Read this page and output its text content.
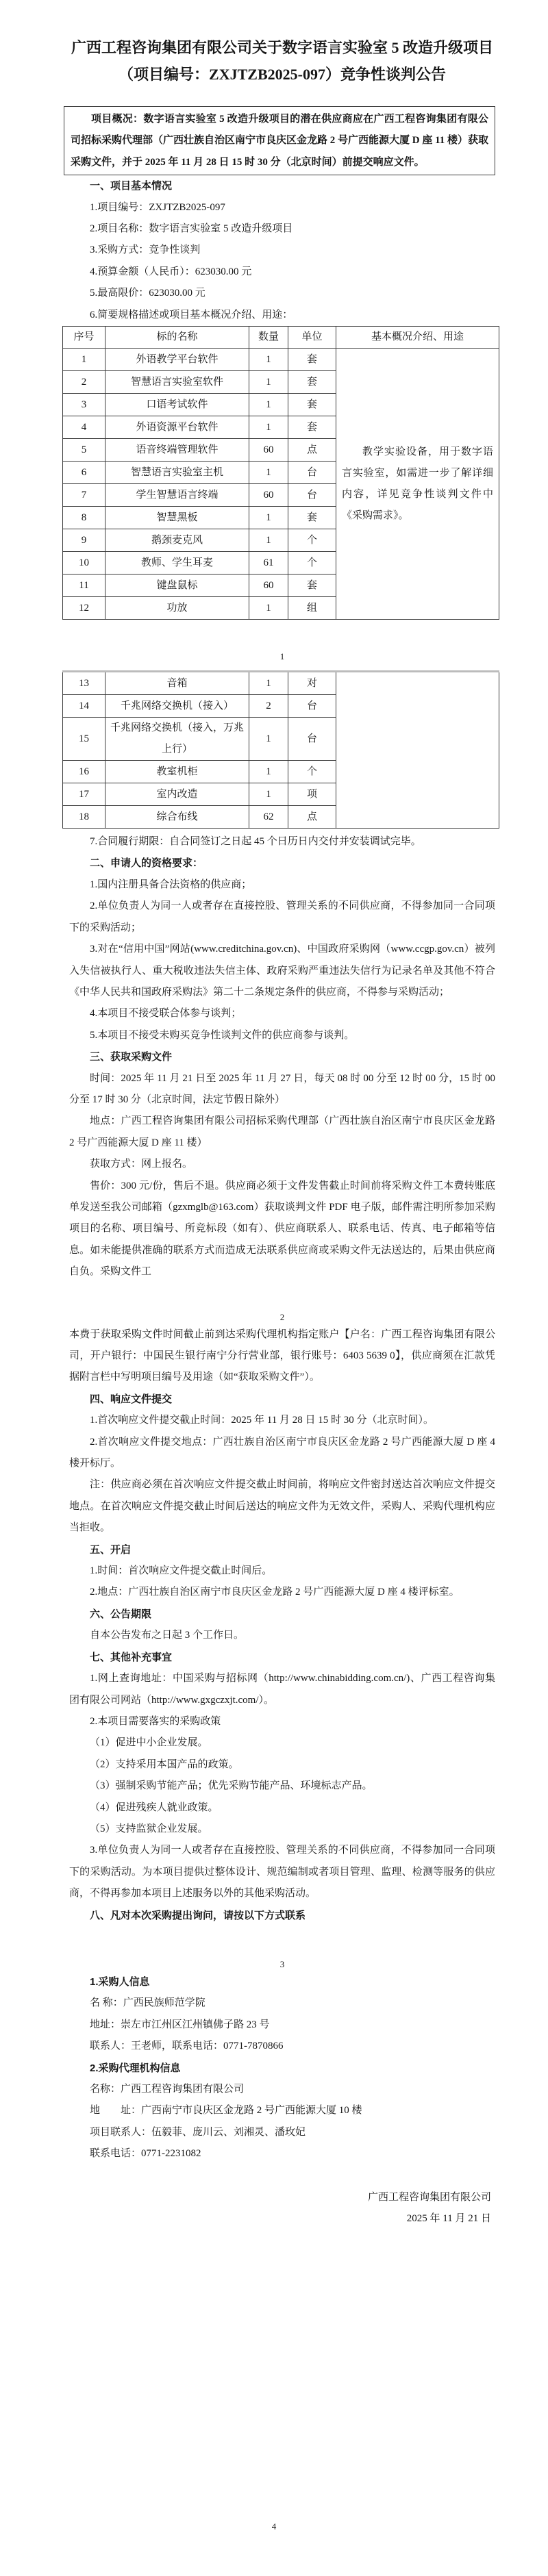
广西工程咨询集团有限公司关于数字语言实验室 5 改造升级项目

（项目编号：ZXJTZB2025-097）竞争性谈判公告

项目概况：数字语言实验室 5 改造升级项目的潜在供应商应在广西工程咨询集团有限公司招标采购代理部（广西壮族自治区南宁市良庆区金龙路 2 号广西能源大厦 D 座 11 楼）获取采购文件，并于 2025 年 11 月 28 日 15 时 30 分（北京时间）前提交响应文件。

一、项目基本情况

1.项目编号：ZXJTZB2025-097

2.项目名称：数字语言实验室 5 改造升级项目

3.采购方式：竞争性谈判

4.预算金额（人民币）：623030.00 元

5.最高限价：623030.00 元

6.简要规格描述或项目基本概况介绍、用途：

序号	标的名称	数量	单位	基本概况介绍、用途
1	外语教学平台软件	1	套	教学实验设备，用于数字语言实验室，如需进一步了解详细内容，详见竞争性谈判文件中《采购需求》。
2	智慧语言实验室软件	1	套	
3	口语考试软件	1	套	
4	外语资源平台软件	1	套	
5	语音终端管理软件	60	点	
6	智慧语言实验室主机	1	台	
7	学生智慧语言终端	60	台	
8	智慧黑板	1	套	
9	鹅颈麦克风	1	个	
10	教师、学生耳麦	61	个	
11	键盘鼠标	60	套	
12	功放	1	组	

1

13	音箱	1	对	
14	千兆网络交换机（接入）	2	台	
15	千兆网络交换机（接入，万兆上行）	1	台	
16	教室机柜	1	个	
17	室内改造	1	项	
18	综合布线	62	点	

7.合同履行期限：自合同签订之日起 45 个日历日内交付并安装调试完毕。

二、申请人的资格要求：

1.国内注册具备合法资格的供应商；

2.单位负责人为同一人或者存在直接控股、管理关系的不同供应商，不得参加同一合同项下的采购活动；

3.对在“信用中国”网站(www.creditchina.gov.cn)、中国政府采购网（www.ccgp.gov.cn）被列入失信被执行人、重大税收违法失信主体、政府采购严重违法失信行为记录名单及其他不符合《中华人民共和国政府采购法》第二十二条规定条件的供应商，不得参与采购活动；

4.本项目不接受联合体参与谈判；

5.本项目不接受未购买竞争性谈判文件的供应商参与谈判。

三、获取采购文件

时间：2025 年 11 月 21 日至 2025 年 11 月 27 日，每天 08 时 00 分至 12 时 00 分，15 时 00 分至 17 时 30 分（北京时间，法定节假日除外）

地点：广西工程咨询集团有限公司招标采购代理部（广西壮族自治区南宁市良庆区金龙路 2 号广西能源大厦 D 座 11 楼）

获取方式：网上报名。

售价：300 元/份，售后不退。供应商必须于文件发售截止时间前将采购文件工本费转账底单发送至我公司邮箱（gzxmglb@163.com）获取谈判文件 PDF 电子版，邮件需注明所参加采购项目的名称、项目编号、所竞标段（如有）、供应商联系人、联系电话、传真、电子邮箱等信息。如未能提供准确的联系方式而造成无法联系供应商或采购文件无法送达的，后果由供应商自负。采购文件工

2

本费于获取采购文件时间截止前到达采购代理机构指定账户【户名：广西工程咨询集团有限公司，开户银行：中国民生银行南宁分行营业部，银行账号：6403 5639 0】，供应商须在汇款凭据附言栏中写明项目编号及用途（如“获取采购文件”）。

四、响应文件提交

1.首次响应文件提交截止时间：2025 年 11 月 28 日 15 时 30 分（北京时间）。

2.首次响应文件提交地点：广西壮族自治区南宁市良庆区金龙路 2 号广西能源大厦 D 座 4 楼开标厅。

注：供应商必须在首次响应文件提交截止时间前，将响应文件密封送达首次响应文件提交地点。在首次响应文件提交截止时间后送达的响应文件为无效文件，采购人、采购代理机构应当拒收。

五、开启

1.时间：首次响应文件提交截止时间后。

2.地点：广西壮族自治区南宁市良庆区金龙路 2 号广西能源大厦 D 座 4 楼评标室。

六、公告期限

自本公告发布之日起 3 个工作日。

七、其他补充事宜

1.网上查询地址：中国采购与招标网（http://www.chinabidding.com.cn/)、广西工程咨询集团有限公司网站（http://www.gxgczxjt.com/）。

2.本项目需要落实的采购政策

（1）促进中小企业发展。

（2）支持采用本国产品的政策。

（3）强制采购节能产品；优先采购节能产品、环境标志产品。

（4）促进残疾人就业政策。

（5）支持监狱企业发展。

3.单位负责人为同一人或者存在直接控股、管理关系的不同供应商，不得参加同一合同项下的采购活动。为本项目提供过整体设计、规范编制或者项目管理、监理、检测等服务的供应商，不得再参加本项目上述服务以外的其他采购活动。

八、凡对本次采购提出询问，请按以下方式联系

3

1.采购人信息

名 称：广西民族师范学院

地址：崇左市江州区江州镇佛子路 23 号

联系人：王老师，联系电话：0771-7870866

2.采购代理机构信息

名称：广西工程咨询集团有限公司

地　　址：广西南宁市良庆区金龙路 2 号广西能源大厦 10 楼

项目联系人：伍毅菲、庞川云、刘湘灵、潘玫妃

联系电话：0771-2231082

广西工程咨询集团有限公司

2025 年 11 月 21 日

4
